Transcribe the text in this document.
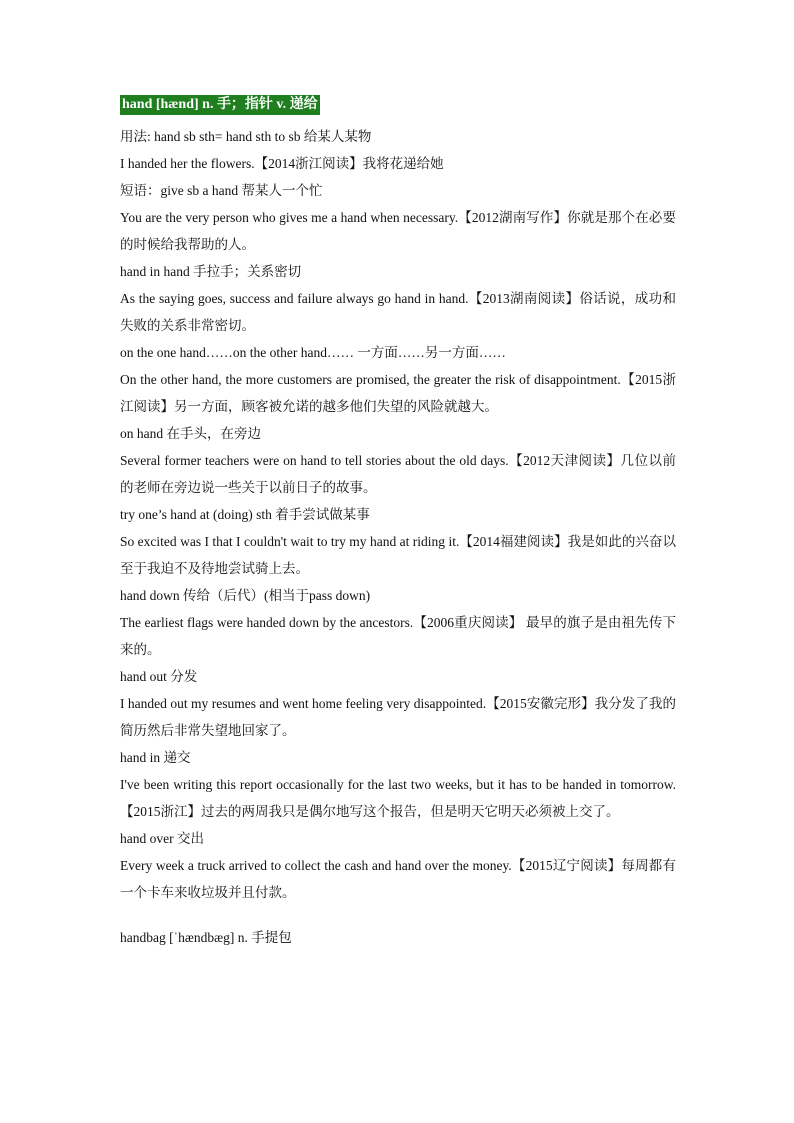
hand [hænd] n. 手；指针 v. 递给

用法: hand sb sth= hand sth to sb 给某人某物

I handed her the flowers.【2014浙江阅读】我将花递给她

短语：give sb a hand 帮某人一个忙

You are the very person who gives me a hand when necessary.【2012湖南写作】你就是那个在必要的时候给我帮助的人。

hand in hand 手拉手；关系密切

As the saying goes, success and failure always go hand in hand.【2013湖南阅读】俗话说，成功和失败的关系非常密切。

on the one hand……on the other hand…… 一方面……另一方面……

On the other hand, the more customers are promised, the greater the risk of disappointment.【2015浙江阅读】另一方面，顾客被允诺的越多他们失望的风险就越大。

on hand 在手头，在旁边

Several former teachers were on hand to tell stories about the old days.【2012天津阅读】几位以前的老师在旁边说一些关于以前日子的故事。

try one’s hand at (doing) sth 着手尝试做某事

So excited was I that I couldn't wait to try my hand at riding it.【2014福建阅读】我是如此的兴奋以至于我迫不及待地尝试骑上去。

hand down 传给（后代）(相当于pass down)

The earliest flags were handed down by the ancestors.【2006重庆阅读】 最早的旗子是由祖先传下来的。

hand out 分发

I handed out my resumes and went home feeling very disappointed.【2015安徽完形】我分发了我的简历然后非常失望地回家了。

hand in 递交

I've been writing this report occasionally for the last two weeks, but it has to be handed in tomorrow.【2015浙江】过去的两周我只是偶尔地写这个报告，但是明天它明天必须被上交了。

hand over 交出

Every week a truck arrived to collect the cash and hand over the money.【2015辽宁阅读】每周都有一个卡车来收垃圾并且付款。

handbag [ˈhændbæg] n. 手提包
